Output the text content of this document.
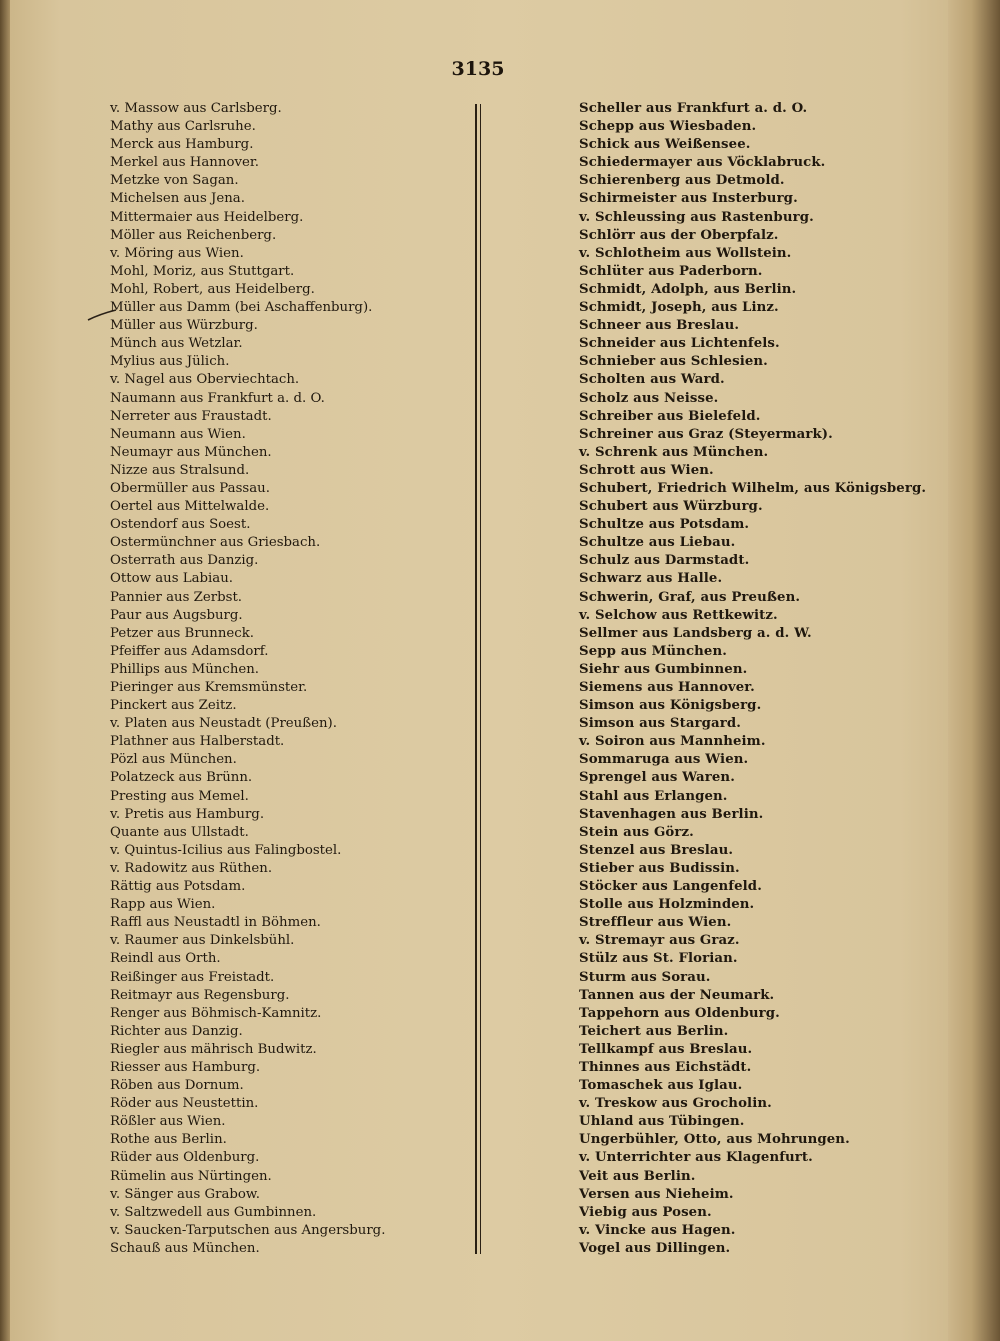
3135
v. Massow aus Carlsberg.
Mathy aus Carlsruhe.
Merck aus Hamburg.
Merkel aus Hannover.
Metzke von Sagan.
Michelsen aus Jena.
Mittermaier aus Heidelberg.
Möller aus Reichenberg.
v. Möring aus Wien.
Mohl, Moriz, aus Stuttgart.
Mohl, Robert, aus Heidelberg.
Müller aus Damm (bei Aschaffenburg).
Müller aus Würzburg.
Münch aus Wetzlar.
Mylius aus Jülich.
v. Nagel aus Oberviechtach.
Naumann aus Frankfurt a. d. O.
Nerreter aus Fraustadt.
Neumann aus Wien.
Neumayr aus München.
Nizze aus Stralsund.
Obermüller aus Passau.
Oertel aus Mittelwalde.
Ostendorf aus Soest.
Ostermünchner aus Griesbach.
Osterrath aus Danzig.
Ottow aus Labiau.
Pannier aus Zerbst.
Paur aus Augsburg.
Petzer aus Brunneck.
Pfeiffer aus Adamsdorf.
Phillips aus München.
Pieringer aus Kremsmünster.
Pinckert aus Zeitz.
v. Platen aus Neustadt (Preußen).
Plathner aus Halberstadt.
Pözl aus München.
Polatzeck aus Brünn.
Presting aus Memel.
v. Pretis aus Hamburg.
Quante aus Ullstadt.
v. Quintus-Icilius aus Falingbostel.
v. Radowitz aus Rüthen.
Rättig aus Potsdam.
Rapp aus Wien.
Raffl aus Neustadtl in Böhmen.
v. Raumer aus Dinkelsbühl.
Reindl aus Orth.
Reißinger aus Freistadt.
Reitmayr aus Regensburg.
Renger aus Böhmisch-Kamnitz.
Richter aus Danzig.
Riegler aus mährisch Budwitz.
Riesser aus Hamburg.
Röben aus Dornum.
Röder aus Neustettin.
Rößler aus Wien.
Rothe aus Berlin.
Rüder aus Oldenburg.
Rümelin aus Nürtingen.
v. Sänger aus Grabow.
v. Saltzwedell aus Gumbinnen.
v. Saucken-Tarputschen aus Angersburg.
Schauß aus München.
Scheller aus Frankfurt a. d. O.
Schepp aus Wiesbaden.
Schick aus Weißensee.
Schiedermayer aus Vöcklabruck.
Schierenberg aus Detmold.
Schirmeister aus Insterburg.
v. Schleussing aus Rastenburg.
Schlörr aus der Oberpfalz.
v. Schlotheim aus Wollstein.
Schlüter aus Paderborn.
Schmidt, Adolph, aus Berlin.
Schmidt, Joseph, aus Linz.
Schneer aus Breslau.
Schneider aus Lichtenfels.
Schnieber aus Schlesien.
Scholten aus Ward.
Scholz aus Neisse.
Schreiber aus Bielefeld.
Schreiner aus Graz (Steyermark).
v. Schrenk aus München.
Schrott aus Wien.
Schubert, Friedrich Wilhelm, aus Königsberg.
Schubert aus Würzburg.
Schultze aus Potsdam.
Schultze aus Liebau.
Schulz aus Darmstadt.
Schwarz aus Halle.
Schwerin, Graf, aus Preußen.
v. Selchow aus Rettkewitz.
Sellmer aus Landsberg a. d. W.
Sepp aus München.
Siehr aus Gumbinnen.
Siemens aus Hannover.
Simson aus Königsberg.
Simson aus Stargard.
v. Soiron aus Mannheim.
Sommaruga aus Wien.
Sprengel aus Waren.
Stahl aus Erlangen.
Stavenhagen aus Berlin.
Stein aus Görz.
Stenzel aus Breslau.
Stieber aus Budissin.
Stöcker aus Langenfeld.
Stolle aus Holzminden.
Streffleur aus Wien.
v. Stremayr aus Graz.
Stülz aus St. Florian.
Sturm aus Sorau.
Tannen aus der Neumark.
Tappehorn aus Oldenburg.
Teichert aus Berlin.
Tellkampf aus Breslau.
Thinnes aus Eichstädt.
Tomaschek aus Iglau.
v. Treskow aus Grocholin.
Uhland aus Tübingen.
Ungerbühler, Otto, aus Mohrungen.
v. Unterrichter aus Klagenfurt.
Veit aus Berlin.
Versen aus Nieheim.
Viebig aus Posen.
v. Vincke aus Hagen.
Vogel aus Dillingen.
